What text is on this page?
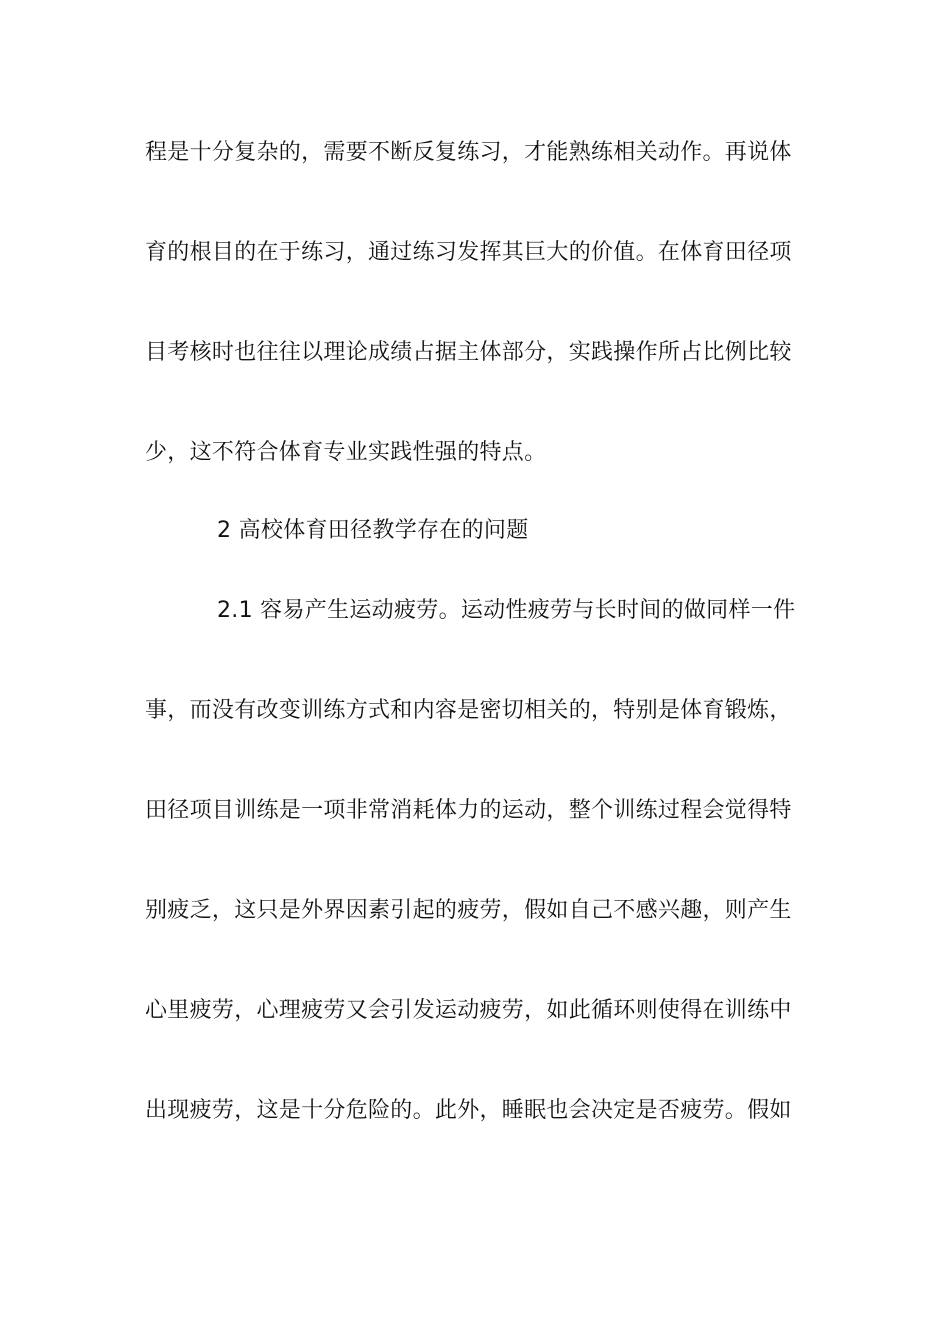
程是十分复杂的，需要不断反复练习，才能熟练相关动作。再说体
育的根目的在于练习，通过练习发挥其巨大的价值。在体育田径项
目考核时也往往以理论成绩占据主体部分，实践操作所占比例比较
少，这不符合体育专业实践性强的特点。
2 高校体育田径教学存在的问题
2.1 容易产生运动疲劳。运动性疲劳与长时间的做同样一件
事，而没有改变训练方式和内容是密切相关的，特别是体育锻炼，
田径项目训练是一项非常消耗体力的运动，整个训练过程会觉得特
别疲乏，这只是外界因素引起的疲劳，假如自己不感兴趣，则产生
心里疲劳，心理疲劳又会引发运动疲劳，如此循环则使得在训练中
出现疲劳，这是十分危险的。此外，睡眠也会决定是否疲劳。假如
